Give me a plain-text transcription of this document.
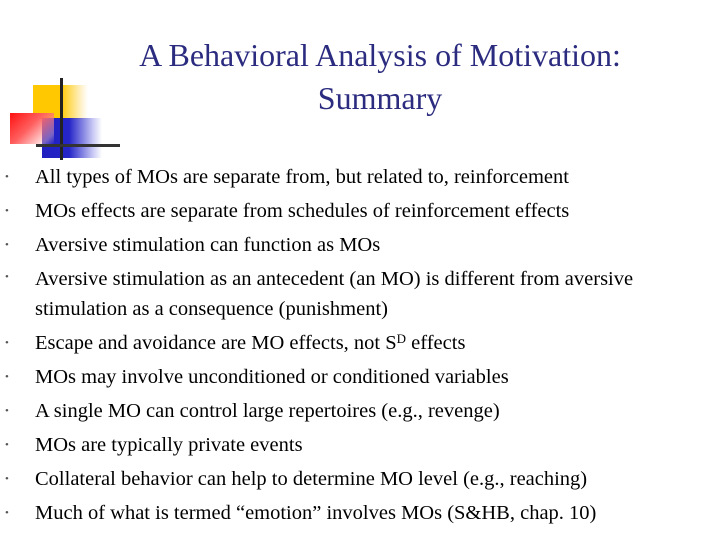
A Behavioral Analysis of Motivation:
Summary
• All types of MOs are separate from, but related to, reinforcement
• MOs effects are separate from schedules of reinforcement effects
• Aversive stimulation can function as MOs
• Aversive stimulation as an antecedent (an MO) is different from aversive stimulation as a consequence (punishment)
• Escape and avoidance are MO effects, not $S^D$ effects
• MOs may involve unconditioned or conditioned variables
• A single MO can control large repertoires (e.g., revenge)
• MOs are typically private events
• Collateral behavior can help to determine MO level (e.g., reaching)
• Much of what is termed “emotion” involves MOs (S&HB, chap. 10)
